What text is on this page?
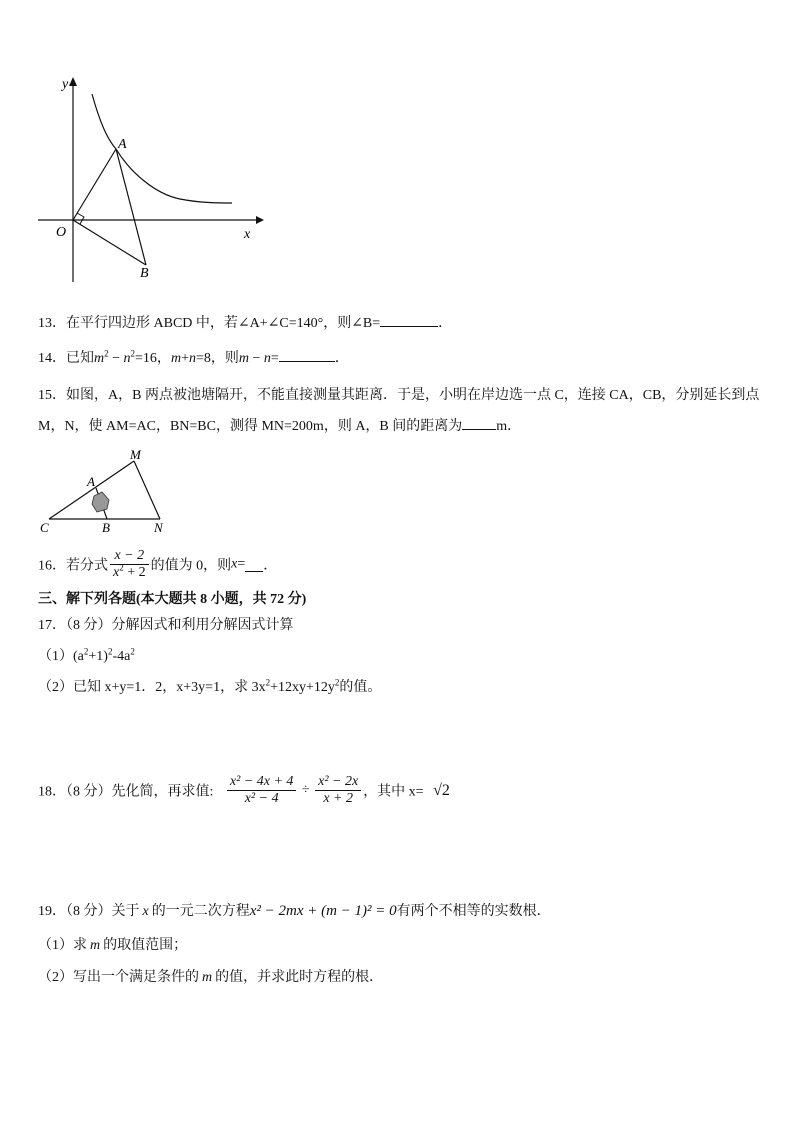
y
x
O
A
B
13．在平行四边形 ABCD 中，若∠A+∠C=140°，则∠B=	．
14．已知$m^2 - n^2=16$，m+n=8，则m − n=	．
15．如图，A，B 两点被池塘隔开，不能直接测量其距离．于是，小明在岸边选一点 C，连接 CA，CB，分别延长到点
M，N，使 AM=AC，BN=BC，测得 MN=200m，则 A，B 间的距离为 m．
M
A
C	B	N
16．若分式 $\frac{x - 2}{x^2 + 2}$ 的值为 0，则x= ．
三、解下列各题(本大题共 8 小题，共 72 分)
17．（8 分）分解因式和利用分解因式计算
$(1)(a^2+1)^2-4a^2$
（2）已知 x+y=1．2，x+3y=1，求 $3x^2+12xy+12y^2$的值。
18．（8 分）先化简，再求值: $\frac{\text{x² − 4x + 4}}{\text{x² − 4}} \div \frac{\text{x² − 2x}}{x + 2}$ ，其中 x= √2
19．（8 分）关于 x 的一元二次方程x² − 2mx + (m − 1)² = 0有两个不相等的实数根．
（1）求 m 的取值范围；
（2）写出一个满足条件的 m 的值，并求此时方程的根．
